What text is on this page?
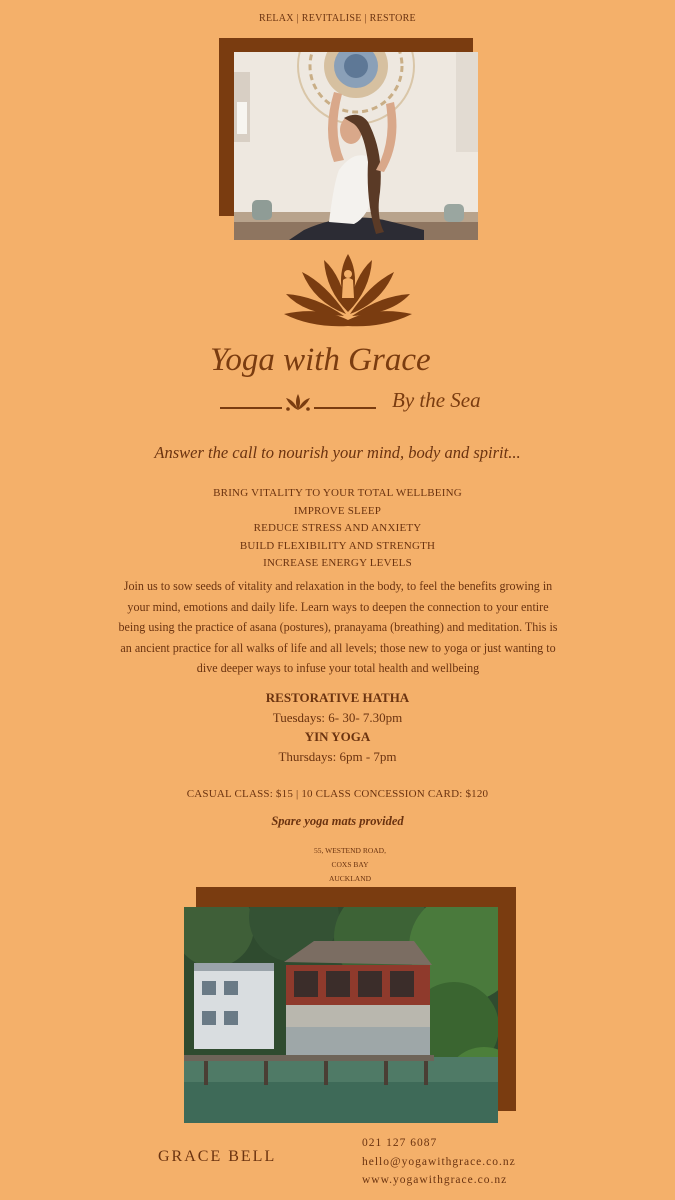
RELAX | REVITALISE | RESTORE
Yoga with Grace
By the Sea
Answer the call to nourish your mind, body and spirit...
BRING VITALITY TO YOUR TOTAL WELLBEING
IMPROVE SLEEP
REDUCE STRESS AND ANXIETY
BUILD FLEXIBILITY AND STRENGTH
INCREASE ENERGY LEVELS
Join us to sow seeds of vitality and relaxation in the body, to feel the benefits growing in your mind, emotions and daily life. Learn ways to deepen the connection to your entire being using the practice of asana (postures), pranayama (breathing) and meditation. This is an ancient practice for all walks of life and all levels; those new to yoga or just wanting to dive deeper ways to infuse your total health and wellbeing
RESTORATIVE HATHA
Tuesdays: 6- 30- 7.30pm
YIN YOGA
Thursdays: 6pm - 7pm
CASUAL CLASS: $15 | 10 CLASS CONCESSION CARD: $120
Spare yoga mats provided
55, WESTEND ROAD,
COXS BAY
AUCKLAND
GRACE BELL
021 127 6087
hello@yogawithgrace.co.nz
www.yogawithgrace.co.nz
